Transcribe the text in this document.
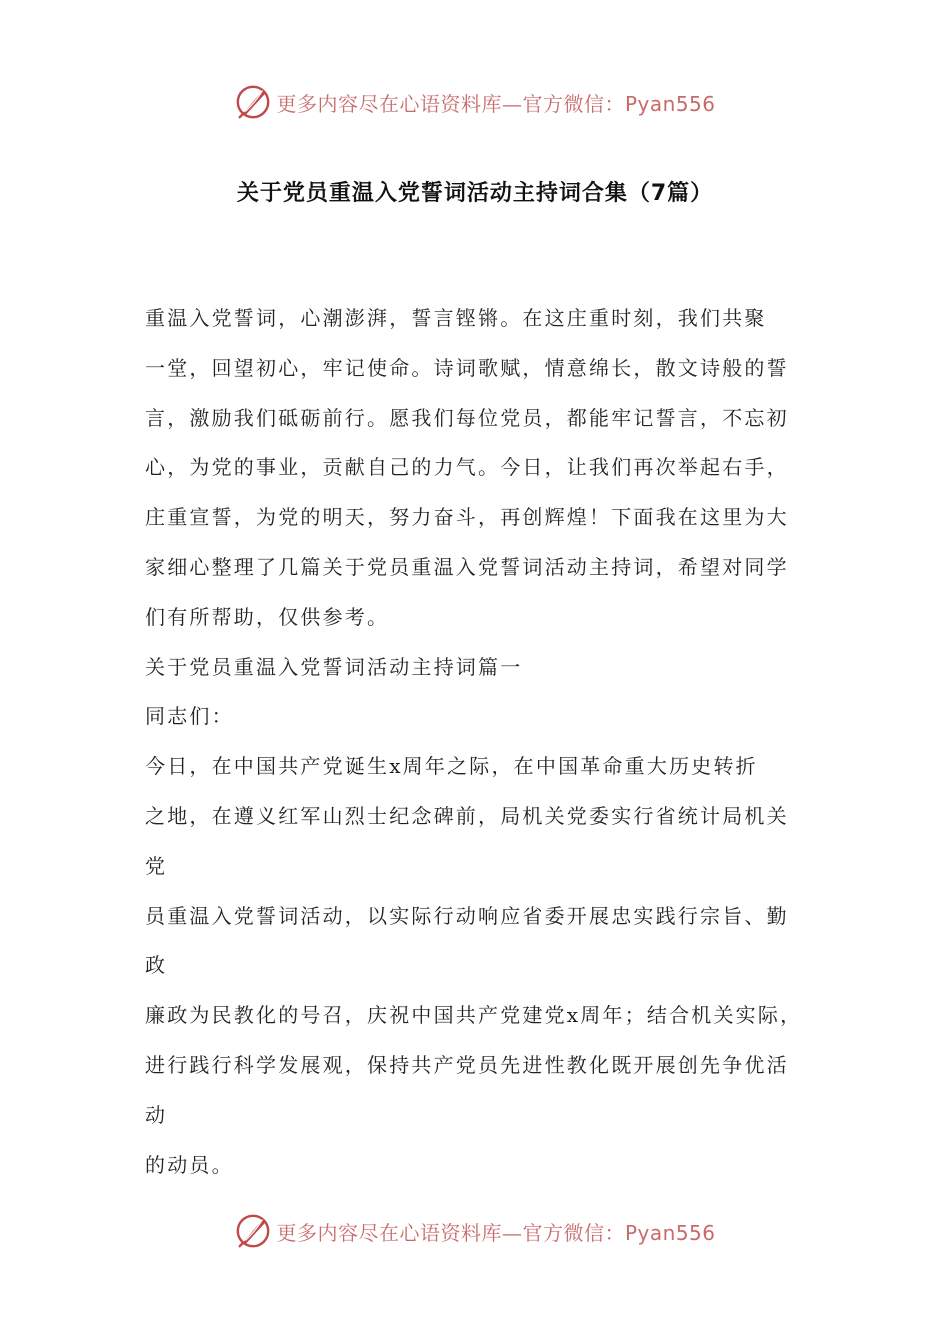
更多内容尽在心语资料库—官方微信：Pyan556
关于党员重温入党誓词活动主持词合集（7篇）
重温入党誓词，心潮澎湃，誓言铿锵。在这庄重时刻，我们共聚
一堂，回望初心，牢记使命。诗词歌赋，情意绵长，散文诗般的誓
言，激励我们砥砺前行。愿我们每位党员，都能牢记誓言，不忘初
心，为党的事业，贡献自己的力气。今日，让我们再次举起右手，
庄重宣誓，为党的明天，努力奋斗，再创辉煌！下面我在这里为大
家细心整理了几篇关于党员重温入党誓词活动主持词，希望对同学
们有所帮助，仅供参考。
关于党员重温入党誓词活动主持词篇一
同志们：
今日，在中国共产党诞生x周年之际，在中国革命重大历史转折
之地，在遵义红军山烈士纪念碑前，局机关党委实行省统计局机关
党
员重温入党誓词活动，以实际行动响应省委开展忠实践行宗旨、勤
政
廉政为民教化的号召，庆祝中国共产党建党x周年；结合机关实际，
进行践行科学发展观，保持共产党员先进性教化既开展创先争优活
动
的动员。
更多内容尽在心语资料库—官方微信：Pyan556
